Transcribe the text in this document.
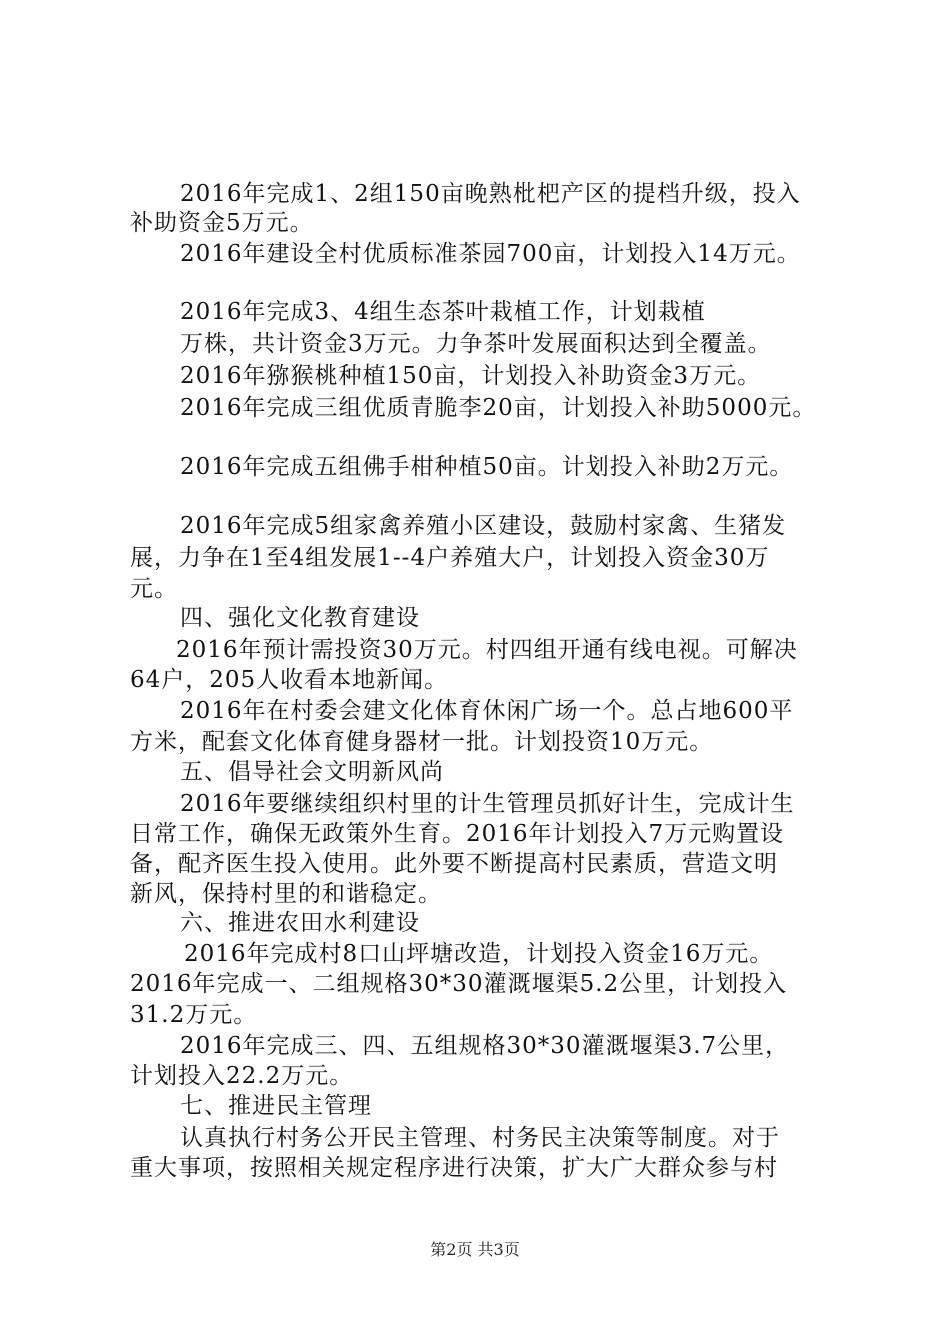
2016年完成1、2组150亩晚熟枇杷产区的提档升级，投入
补助资金5万元。
2016年建设全村优质标准茶园700亩，计划投入14万元。
2016年完成3、4组生态茶叶栽植工作，计划栽植
万株，共计资金3万元。力争茶叶发展面积达到全覆盖。
2016年猕猴桃种植150亩，计划投入补助资金3万元。
2016年完成三组优质青脆李20亩，计划投入补助5000元。
2016年完成五组佛手柑种植50亩。计划投入补助2万元。
2016年完成5组家禽养殖小区建设，鼓励村家禽、生猪发
展，力争在1至4组发展1--4户养殖大户，计划投入资金30万
元。
四、强化文化教育建设
2016年预计需投资30万元。村四组开通有线电视。可解决
64户，205人收看本地新闻。
2016年在村委会建文化体育休闲广场一个。总占地600平
方米，配套文化体育健身器材一批。计划投资10万元。
五、倡导社会文明新风尚
2016年要继续组织村里的计生管理员抓好计生，完成计生
日常工作，确保无政策外生育。2016年计划投入7万元购置设
备，配齐医生投入使用。此外要不断提高村民素质，营造文明
新风，保持村里的和谐稳定。
六、推进农田水利建设
2016年完成村8口山坪塘改造，计划投入资金16万元。
2016年完成一、二组规格30*30灌溉堰渠5.2公里，计划投入
31.2万元。
2016年完成三、四、五组规格30*30灌溉堰渠3.7公里，
计划投入22.2万元。
七、推进民主管理
认真执行村务公开民主管理、村务民主决策等制度。对于
重大事项，按照相关规定程序进行决策，扩大广大群众参与村
第2页 共3页
